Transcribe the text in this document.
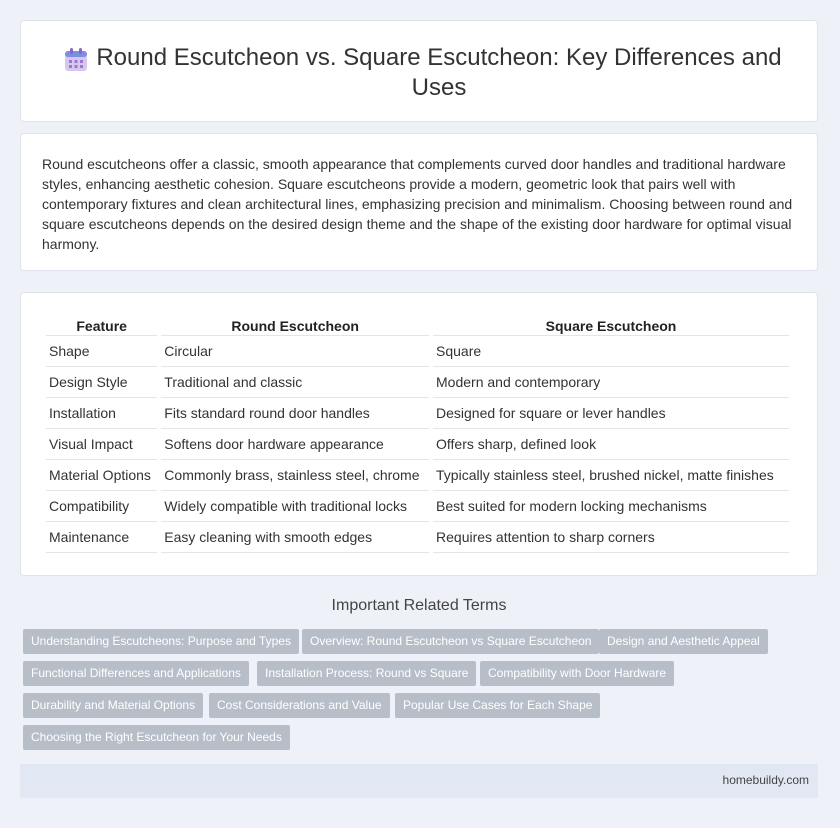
Round Escutcheon vs. Square Escutcheon: Key Differences and Uses

Round escutcheons offer a classic, smooth appearance that complements curved door handles and traditional hardware styles, enhancing aesthetic cohesion. Square escutcheons provide a modern, geometric look that pairs well with contemporary fixtures and clean architectural lines, emphasizing precision and minimalism. Choosing between round and square escutcheons depends on the desired design theme and the shape of the existing door hardware for optimal visual harmony.

Feature	Round Escutcheon	Square Escutcheon
Shape	Circular	Square
Design Style	Traditional and classic	Modern and contemporary
Installation	Fits standard round door handles	Designed for square or lever handles
Visual Impact	Softens door hardware appearance	Offers sharp, defined look
Material Options	Commonly brass, stainless steel, chrome	Typically stainless steel, brushed nickel, matte finishes
Compatibility	Widely compatible with traditional locks	Best suited for modern locking mechanisms
Maintenance	Easy cleaning with smooth edges	Requires attention to sharp corners
Important Related Terms
Understanding Escutcheons: Purpose and Types	Overview: Round Escutcheon vs Square Escutcheon	Design and Aesthetic Appeal
Functional Differences and Applications	Installation Process: Round vs Square	Compatibility with Door Hardware
Durability and Material Options	Cost Considerations and Value	Popular Use Cases for Each Shape
Choosing the Right Escutcheon for Your Needs
homebuildy.com
